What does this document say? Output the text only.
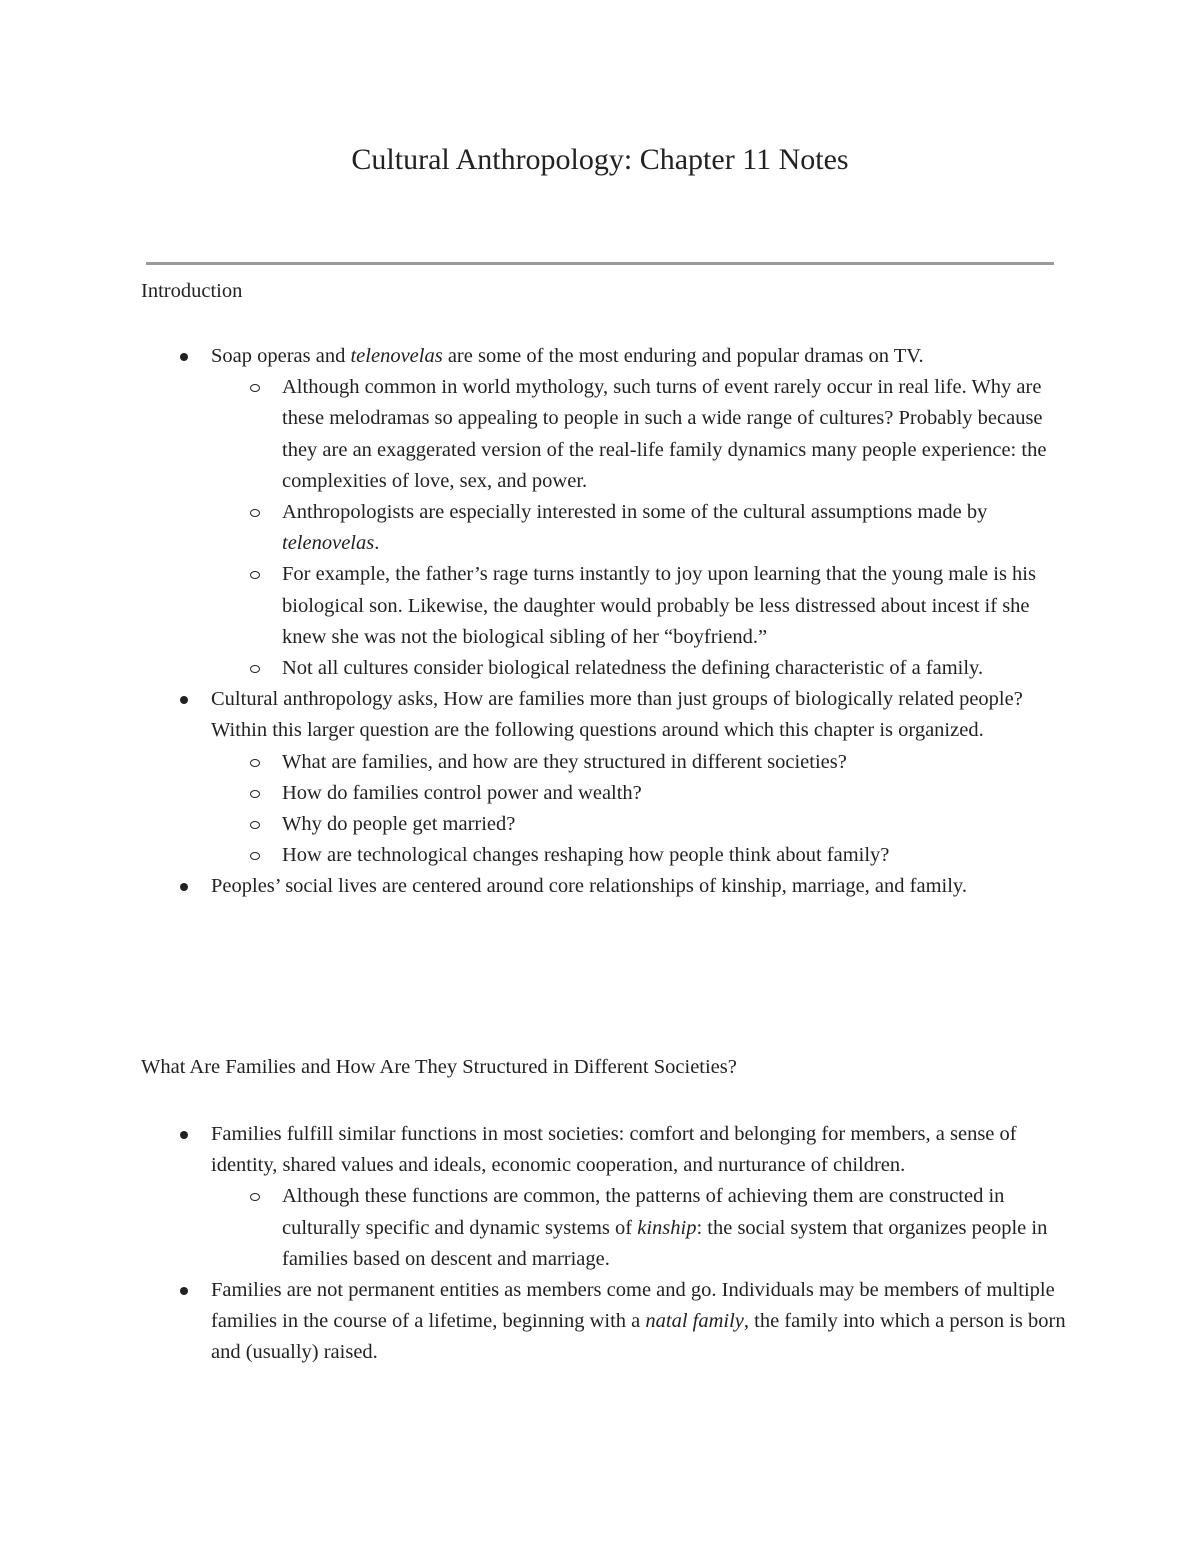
Cultural Anthropology: Chapter 11 Notes
Introduction
Soap operas and telenovelas are some of the most enduring and popular dramas on TV.
Although common in world mythology, such turns of event rarely occur in real life. Why are these melodramas so appealing to people in such a wide range of cultures? Probably because they are an exaggerated version of the real-life family dynamics many people experience: the complexities of love, sex, and power.
Anthropologists are especially interested in some of the cultural assumptions made by telenovelas.
For example, the father’s rage turns instantly to joy upon learning that the young male is his biological son. Likewise, the daughter would probably be less distressed about incest if she knew she was not the biological sibling of her “boyfriend.”
Not all cultures consider biological relatedness the defining characteristic of a family.
Cultural anthropology asks, How are families more than just groups of biologically related people? Within this larger question are the following questions around which this chapter is organized.
What are families, and how are they structured in different societies?
How do families control power and wealth?
Why do people get married?
How are technological changes reshaping how people think about family?
Peoples’ social lives are centered around core relationships of kinship, marriage, and family.
What Are Families and How Are They Structured in Different Societies?
Families fulfill similar functions in most societies: comfort and belonging for members, a sense of identity, shared values and ideals, economic cooperation, and nurturance of children.
Although these functions are common, the patterns of achieving them are constructed in culturally specific and dynamic systems of kinship: the social system that organizes people in families based on descent and marriage.
Families are not permanent entities as members come and go. Individuals may be members of multiple families in the course of a lifetime, beginning with a natal family, the family into which a person is born and (usually) raised.
